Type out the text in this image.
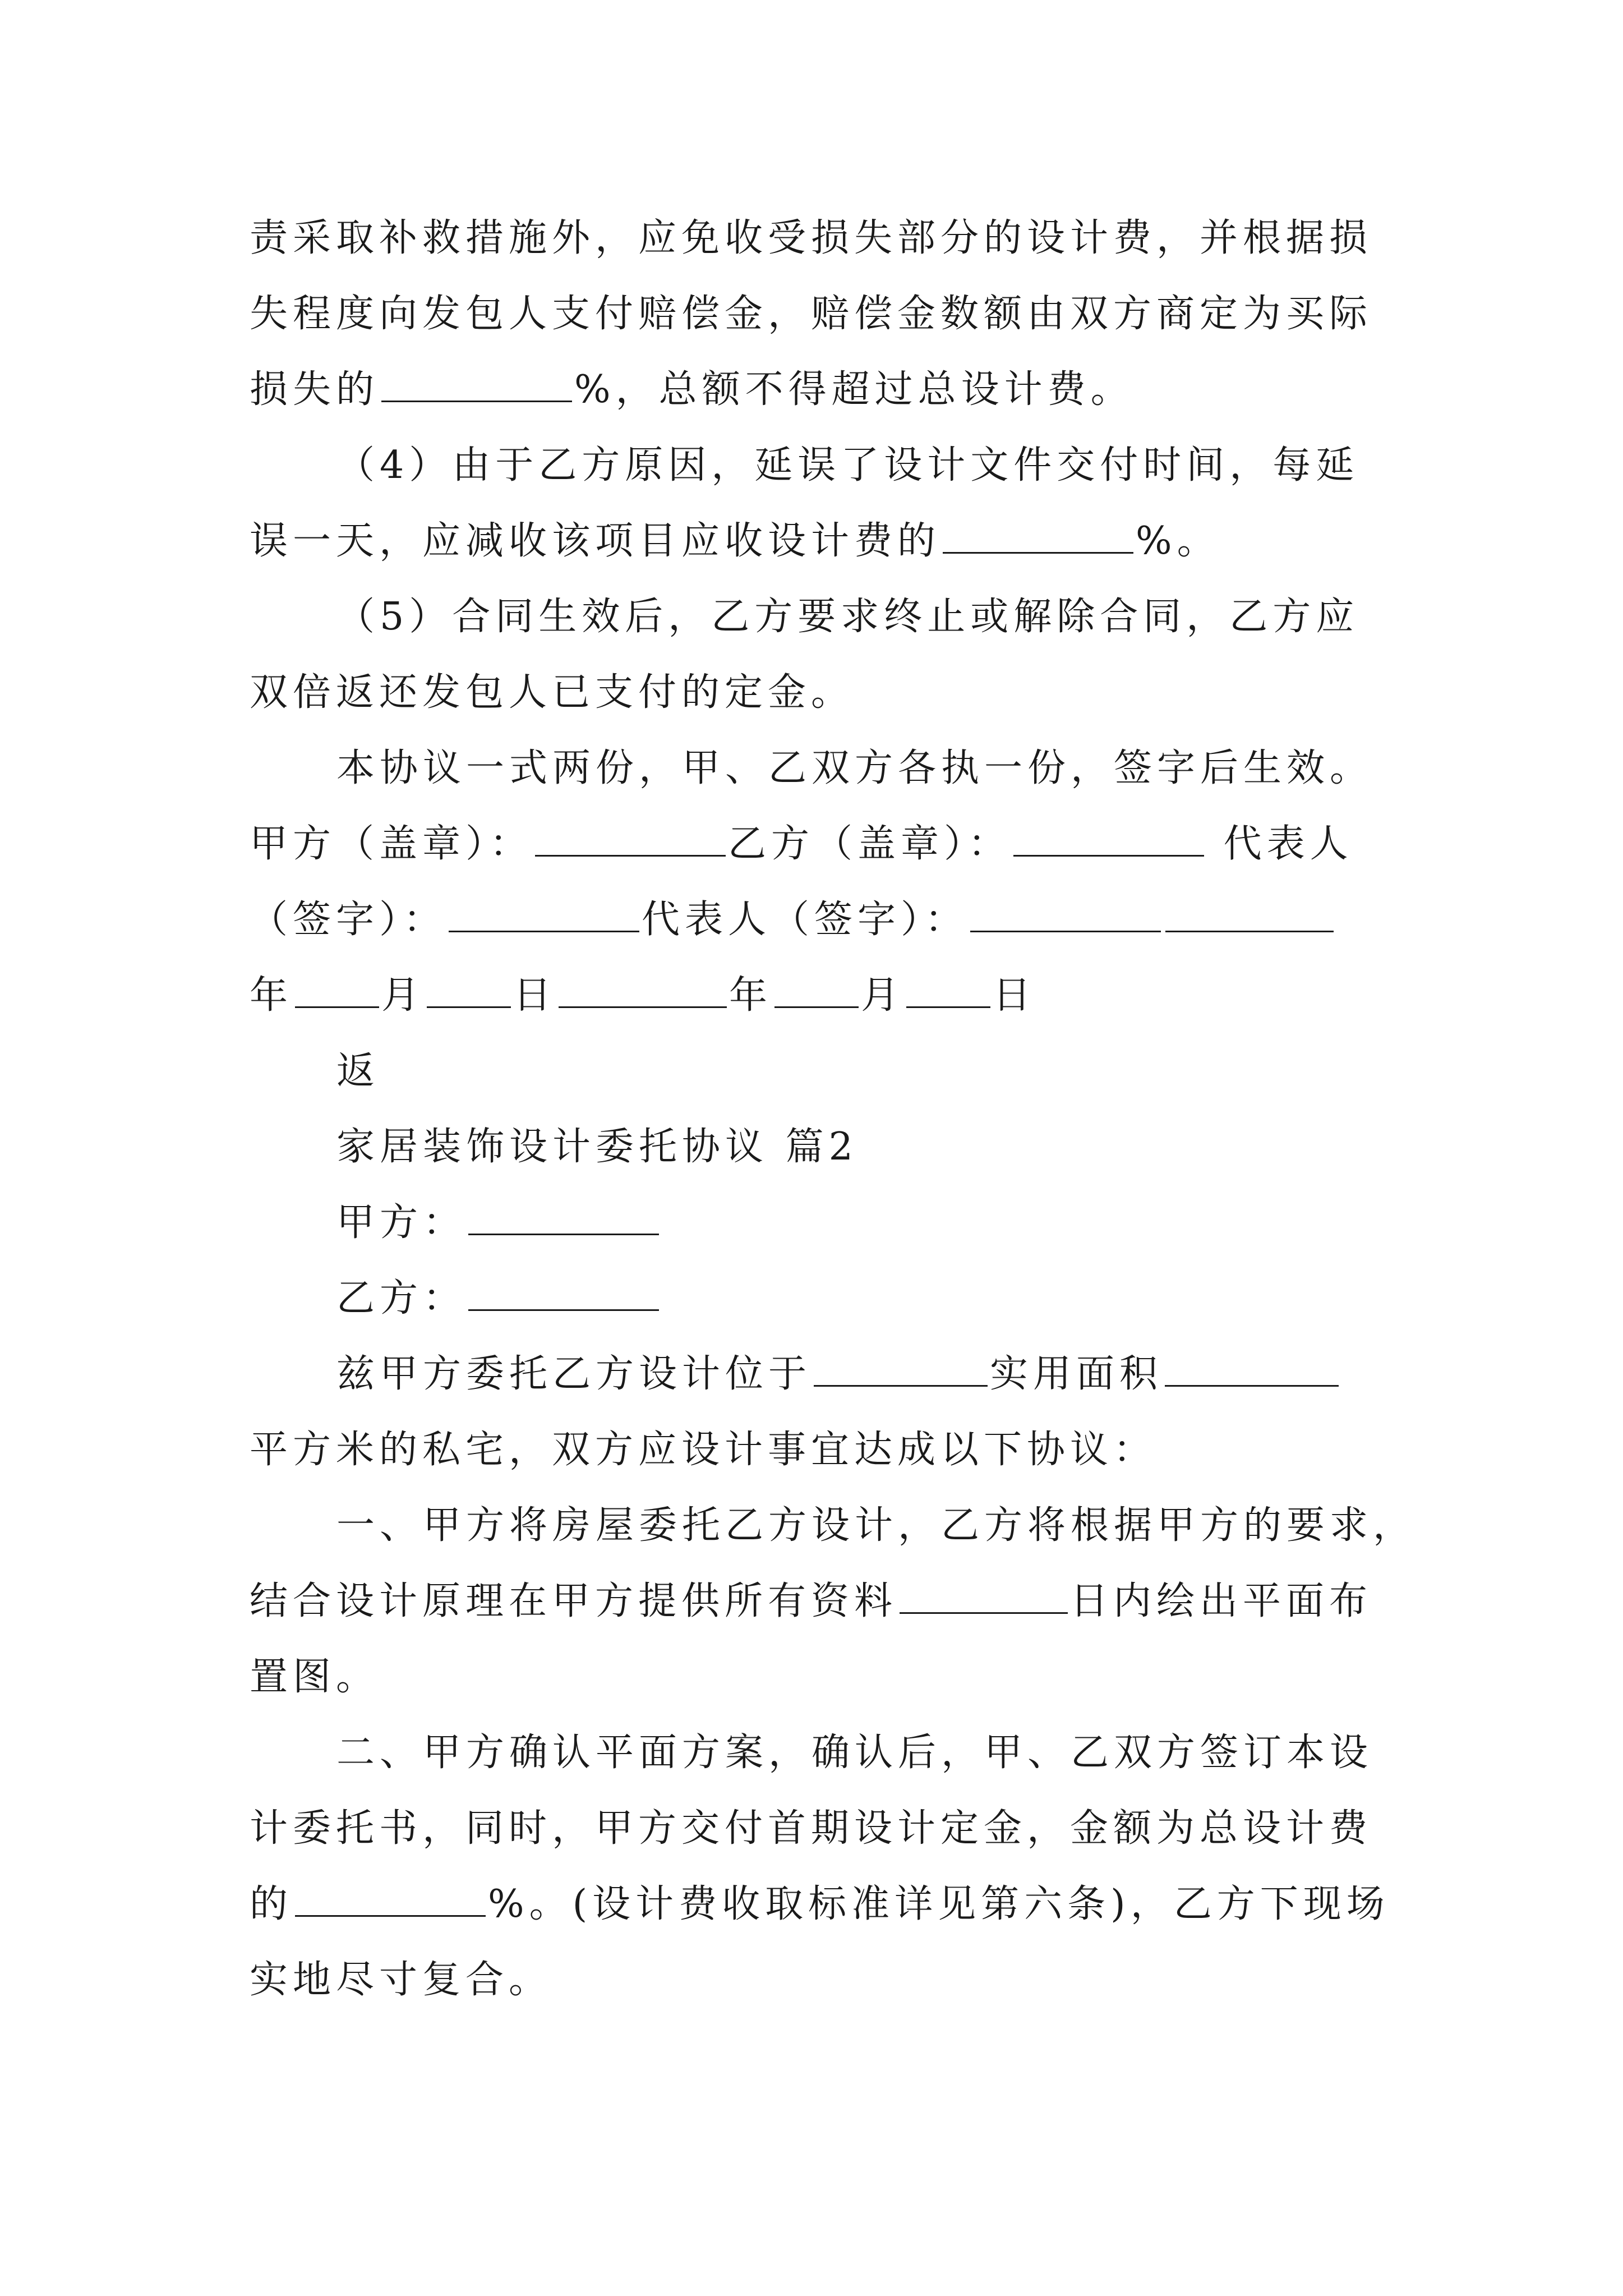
责采取补救措施外，应免收受损失部分的设计费，并根据损
失程度向发包人支付赔偿金，赔偿金数额由双方商定为买际
损失的	%，总额不得超过总设计费。
（4）由于乙方原因，延误了设计文件交付时间，每延
误一天，应减收该项目应收设计费的	%。
（5）合同生效后，乙方要求终止或解除合同，乙方应
双倍返还发包人已支付的定金。
本协议一式两份，甲、乙双方各执一份，签字后生效。
甲方（盖章）：	乙方（盖章）：	代表人
（签字）：	代表人（签字）：
年 月 日	年 月 日
返
家居装饰设计委托协议 篇2
甲方：
乙方：
兹甲方委托乙方设计位于	实用面积
平方米的私宅，双方应设计事宜达成以下协议：
一、甲方将房屋委托乙方设计，乙方将根据甲方的要求，
结合设计原理在甲方提供所有资料	日内绘出平面布
置图。
二、甲方确认平面方案，确认后，甲、乙双方签订本设
计委托书，同时，甲方交付首期设计定金，金额为总设计费
的	%。(设计费收取标准详见第六条)，乙方下现场
实地尽寸复合。
